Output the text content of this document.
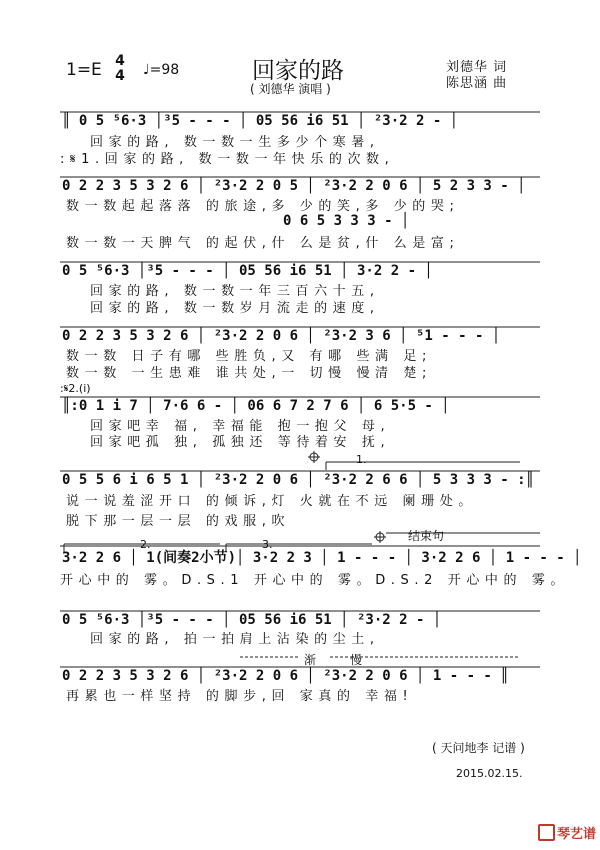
1=E 4
4 ♩=98	回家的路
( 刘德华 演唱 )
刘德华 词
陈思涵 曲
║ 0 5 ⁵6·3 │³5 - - - │ 05 56 i6 51 │ ²3·2 2 - │
回家的路, 数一数一生多少个寒暑,
:𝄋1.回家的路, 数一数一年快乐的次数,
0 2 2 3 5 3 2 6 │ ²3·2 2 0 5 │ ²3·2 2 0 6 │ 5 2 3 3 - │
数一数起起落落 的旅途,多 少的笑,多 少的哭;
0 6 5 3 3 3 - │
数一数一天脾气 的起伏,什 么是贫,什 么是富;
0 5 ⁵6·3 │³5 - - - │ 05 56 i6 51 │ 3·2 2 - │
回家的路, 数一数一年三百六十五,
回家的路, 数一数岁月流走的速度,
0 2 2 3 5 3 2 6 │ ²3·2 2 0 6 │ ²3·2 3 6 │ ⁵1 - - - │
数一数 日子有哪 些胜负,又 有哪 些满 足;
数一数 一生患难 谁共处,一 切慢 慢清 楚;
║:0 1 i 7 │ 7·6 6 - │ 06 6 7 2 7 6 │ 6 5·5 - │
:𝄋2.(i)
回家吧幸 福, 幸福能 抱一抱父 母,
回家吧孤 独, 孤独还 等待着安 抚,
0 5 5 6 i 6 5 1 │ ²3·2 2 0 6 │ ²3·2 2 6 6 │ 5 3 3 3 - :║
说一说羞涩开口 的倾诉,灯 火就在不远 阑珊处。
脱下那一层一层 的戏服,吹
3·2 2 6 │ 1(间奏2小节)│ 3·2 2 3 │ 1 - - - │ 3·2 2 6 │ 1 - - - │
开心中的 雾。D.S.1 开心中的 雾。D.S.2 开心中的 雾。
0 5 ⁵6·3 │³5 - - - │ 05 56 i6 51 │ ²3·2 2 - │
回家的路, 拍一拍肩上沾染的尘土,
0 2 2 3 5 3 2 6 │ ²3·2 2 0 6 │ ²3·2 2 0 6 │ 1 - - - ║
再累也一样坚持 的脚步,回 家真的 幸福!
1.
2.	3.
结束句
渐	慢
( 天问地李 记谱 )
2015.02.15.
琴艺谱
